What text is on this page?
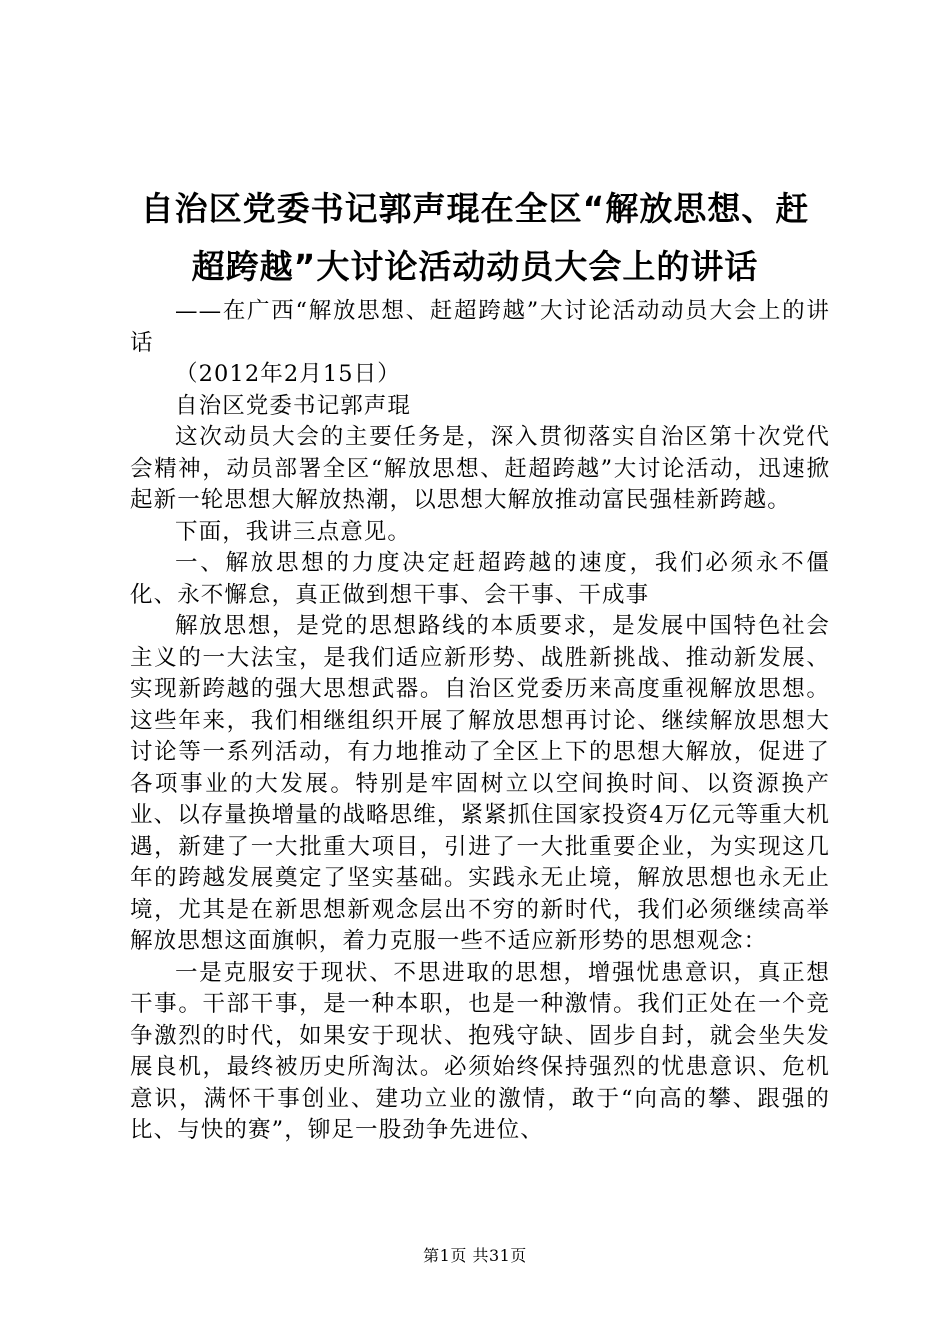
自治区党委书记郭声琨在全区“解放思想、赶
超跨越”大讨论活动动员大会上的讲话

——在广西“解放思想、赶超跨越”大讨论活动动员大会上的讲话

（2012年2月15日）

自治区党委书记郭声琨

这次动员大会的主要任务是，深入贯彻落实自治区第十次党代会精神，动员部署全区“解放思想、赶超跨越”大讨论活动，迅速掀起新一轮思想大解放热潮，以思想大解放推动富民强桂新跨越。

下面，我讲三点意见。

一、解放思想的力度决定赶超跨越的速度，我们必须永不僵化、永不懈怠，真正做到想干事、会干事、干成事

解放思想，是党的思想路线的本质要求，是发展中国特色社会主义的一大法宝，是我们适应新形势、战胜新挑战、推动新发展、实现新跨越的强大思想武器。自治区党委历来高度重视解放思想。这些年来，我们相继组织开展了解放思想再讨论、继续解放思想大讨论等一系列活动，有力地推动了全区上下的思想大解放，促进了各项事业的大发展。特别是牢固树立以空间换时间、以资源换产业、以存量换增量的战略思维，紧紧抓住国家投资4万亿元等重大机遇，新建了一大批重大项目，引进了一大批重要企业，为实现这几年的跨越发展奠定了坚实基础。实践永无止境，解放思想也永无止境，尤其是在新思想新观念层出不穷的新时代，我们必须继续高举解放思想这面旗帜，着力克服一些不适应新形势的思想观念：

一是克服安于现状、不思进取的思想，增强忧患意识，真正想干事。干部干事，是一种本职，也是一种激情。我们正处在一个竞争激烈的时代，如果安于现状、抱残守缺、固步自封，就会坐失发展良机，最终被历史所淘汰。必须始终保持强烈的忧患意识、危机意识，满怀干事创业、建功立业的激情，敢于“向高的攀、跟强的比、与快的赛”，铆足一股劲争先进位、

第1页 共31页
